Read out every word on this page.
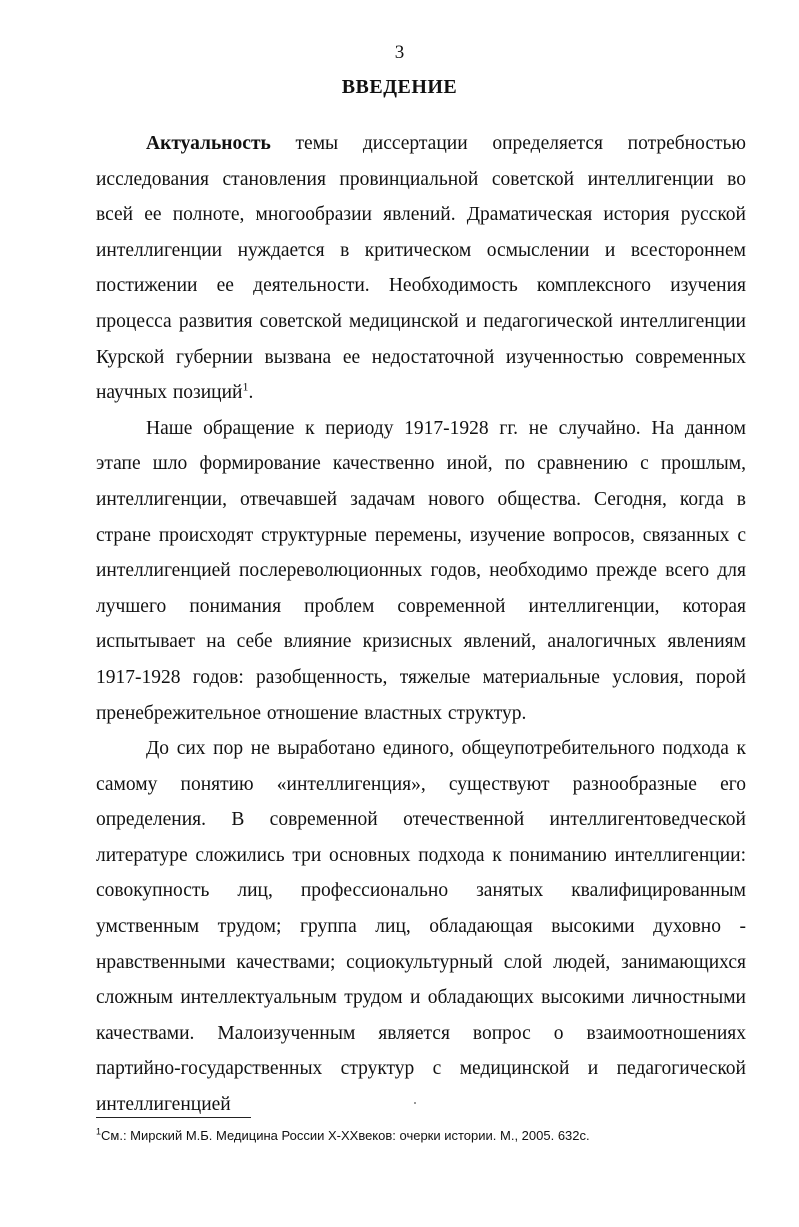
3
ВВЕДЕНИЕ

Актуальность темы диссертации определяется потребностью исследования становления провинциальной советской интеллигенции во всей ее полноте, многообразии явлений. Драматическая история русской интеллигенции нуждается в критическом осмыслении и всестороннем постижении ее деятельности. Необходимость комплексного изучения процесса развития советской медицинской и педагогической интеллигенции Курской губернии вызвана ее недостаточной изученностью современных научных позиций$^1$.

Наше обращение к периоду 1917-1928 гг. не случайно. На данном этапе шло формирование качественно иной, по сравнению с прошлым, интеллигенции, отвечавшей задачам нового общества. Сегодня, когда в стране происходят структурные перемены, изучение вопросов, связанных с интеллигенцией послереволюционных годов, необходимо прежде всего для лучшего понимания проблем современной интеллигенции, которая испытывает на себе влияние кризисных явлений, аналогичных явлениям 1917-1928 годов: разобщенность, тяжелые материальные условия, порой пренебрежительное отношение властных структур.

До сих пор не выработано единого, общеупотребительного подхода к самому понятию «интеллигенция», существуют разнообразные его определения. В современной отечественной интеллигентоведческой литературе сложились три основных подхода к пониманию интеллигенции: совокупность лиц, профессионально занятых квалифицированным умственным трудом; группа лиц, обладающая высокими духовно - нравственными качествами; социокультурный слой людей, занимающихся сложным интеллектуальным трудом и обладающих высокими личностными качествами. Малоизученным является вопрос о взаимоотношениях партийно-государственных структур с медицинской и педагогической интеллигенцией

$^1$См.: Мирский М.Б. Медицина России X-XXвеков: очерки истории. М., 2005. 632с.
